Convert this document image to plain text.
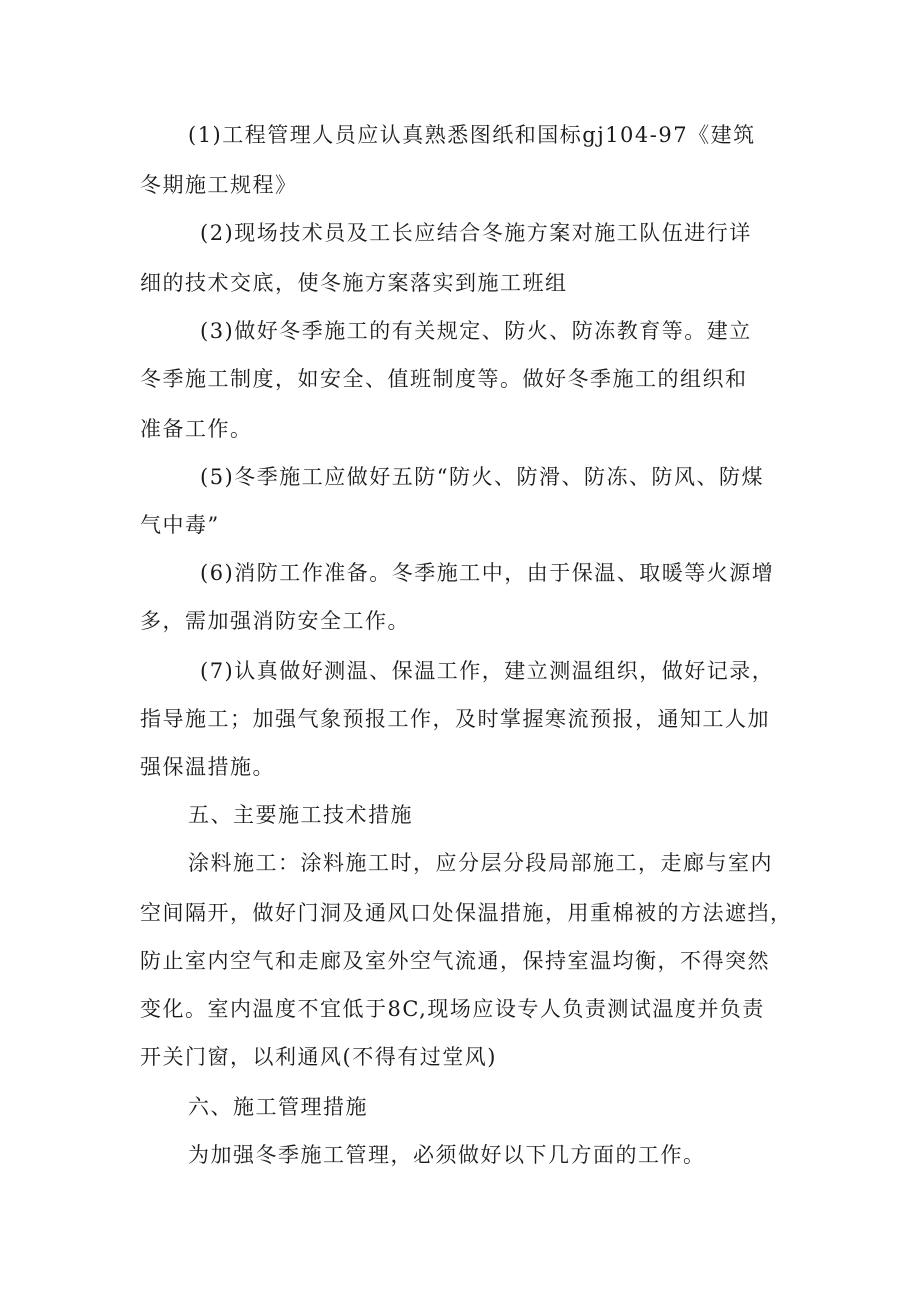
(1)工程管理人员应认真熟悉图纸和国标gj104-97《建筑
冬期施工规程》
(2)现场技术员及工长应结合冬施方案对施工队伍进行详
细的技术交底，使冬施方案落实到施工班组
(3)做好冬季施工的有关规定、防火、防冻教育等。建立
冬季施工制度，如安全、值班制度等。做好冬季施工的组织和
准备工作。
(5)冬季施工应做好五防“防火、防滑、防冻、防风、防煤
气中毒”
(6)消防工作准备。冬季施工中，由于保温、取暖等火源增
多，需加强消防安全工作。
(7)认真做好测温、保温工作，建立测温组织，做好记录，
指导施工；加强气象预报工作，及时掌握寒流预报，通知工人加
强保温措施。
五、主要施工技术措施
涂料施工：涂料施工时，应分层分段局部施工，走廊与室内
空间隔开，做好门洞及通风口处保温措施，用重棉被的方法遮挡，
防止室内空气和走廊及室外空气流通，保持室温均衡，不得突然
变化。室内温度不宜低于8C,现场应设专人负责测试温度并负责
开关门窗，以利通风(不得有过堂风)
六、施工管理措施
为加强冬季施工管理，必须做好以下几方面的工作。
